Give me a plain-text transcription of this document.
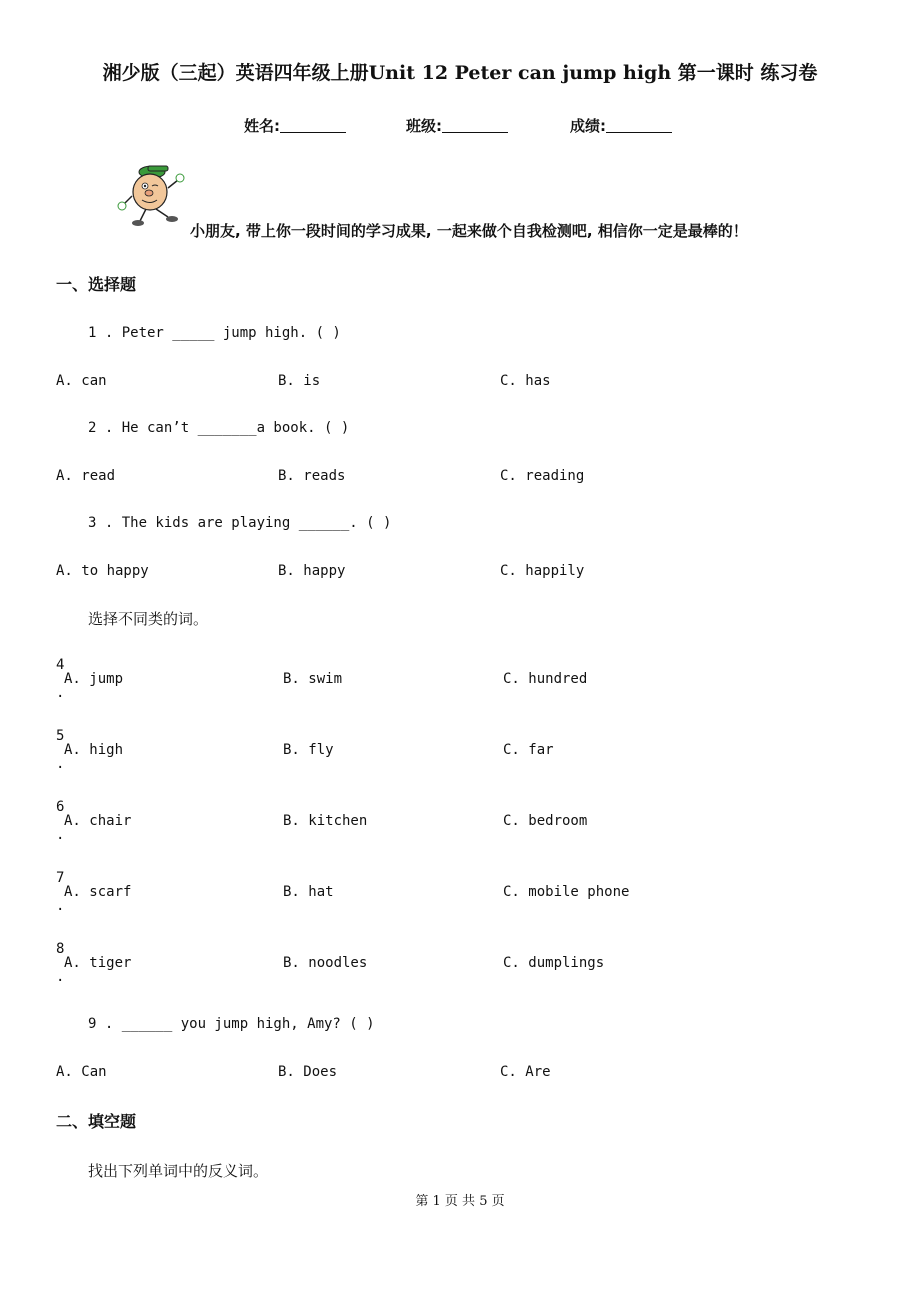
湘少版（三起）英语四年级上册Unit 12 Peter can jump high 第一课时 练习卷
姓名:	班级:	成绩:
小朋友, 带上你一段时间的学习成果, 一起来做个自我检测吧, 相信你一定是最棒的！
一、选择题
1 . Peter _____ jump high. ( )
A. can	B. is	C. has
2 . He can’t _______a book. ( )
A. read	B. reads	C. reading
3 . The kids are playing ______. ( )
A. to happy	B. happy	C. happily
选择不同类的词。
4
A. jump	B. swim	C. hundred
.
5
A. high	B. fly	C. far
.
6
A. chair	B. kitchen	C. bedroom
.
7
A. scarf	B. hat	C. mobile phone
.
8
A. tiger	B. noodles	C. dumplings
.
9 . ______ you jump high, Amy? ( )
A. Can	B. Does	C. Are
二、填空题
找出下列单词中的反义词。
第 1 页 共 5 页
